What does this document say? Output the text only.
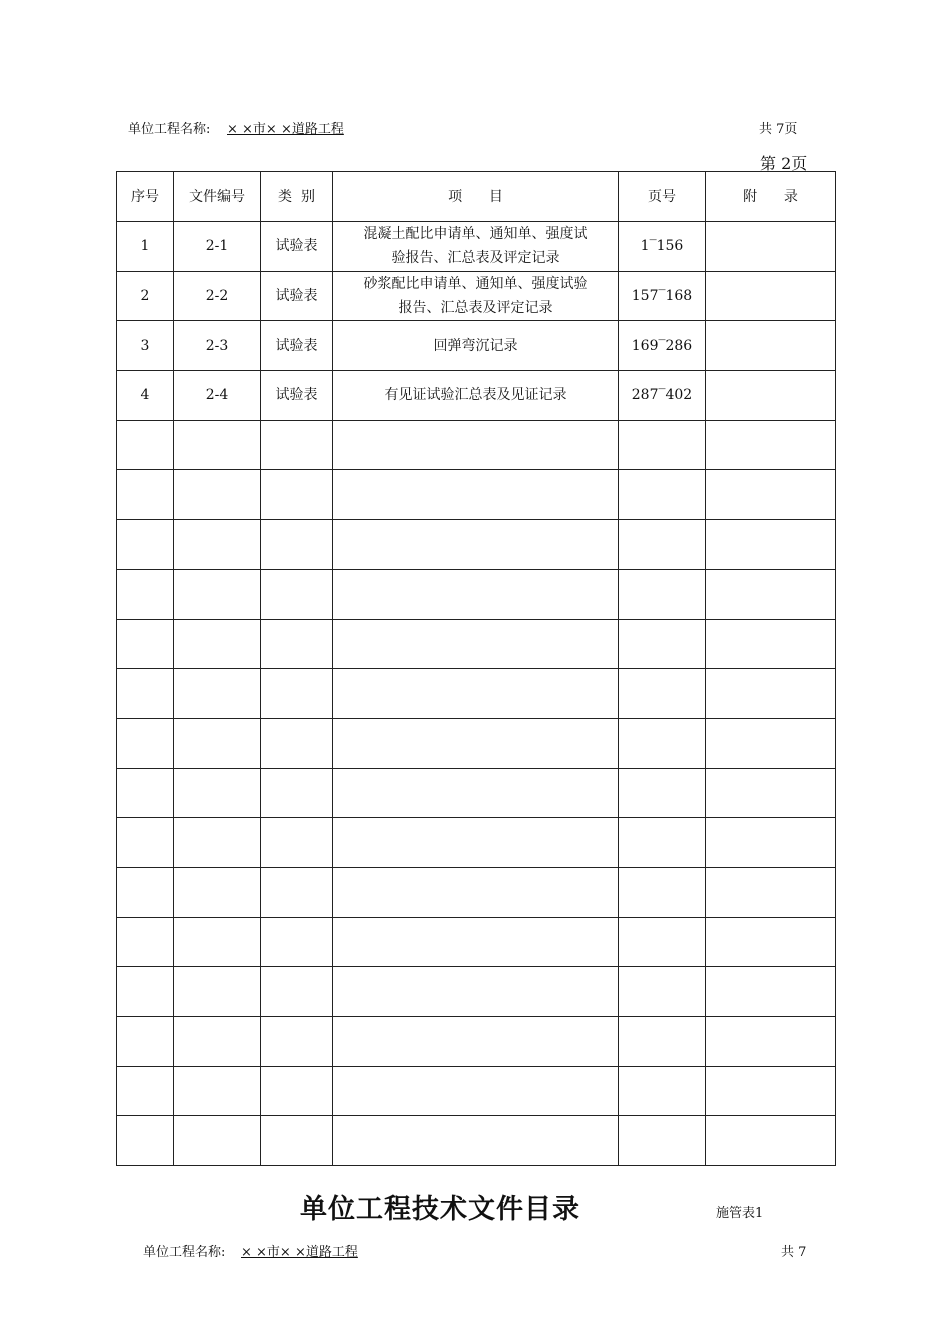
单位工程名称: × ×市× ×道路工程	共 7页
第 2页
序号	文件编号	类  别	项      目	页号	附      录
1	2-1	试验表	混凝土配比申请单、通知单、强度试
验报告、汇总表及评定记录	1‾156	
2	2-2	试验表	砂浆配比申请单、通知单、强度试验
报告、汇总表及评定记录	157‾168	
3	2-3	试验表	回弹弯沉记录	169‾286	
4	2-4	试验表	有见证试验汇总表及见证记录	287‾402	

单位工程技术文件目录	施管表1
单位工程名称: × ×市× ×道路工程	共 7
